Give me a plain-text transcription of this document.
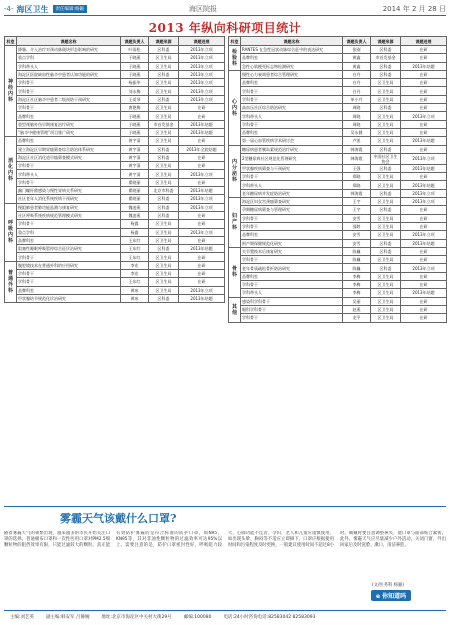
-4- 海区卫生	责任编辑:杨颖	海区院报	2014 年 2 月 28 日
2013 年纵向科研项目统计
科室	课题名称	课题负责人	课题来源	课题进展

神经内科	降脂、介入治疗对颈动脉斑块形态影响的研究	叶雨松	区科委	2013年立项
	重点学科	于晓燕	区卫生局	2013年立项
	学科带头人	于晓燕	区卫生局	2013年立项
	海淀区医院缺血性脑卒中患者认知功能的研究	于晓燕	区科委	2013年立项
	学科骨干	杨振华	区卫生局	2013年立项
	学科骨干	刘永梅	区卫生局	2013年立项
	海淀区社区脑卒中患者二级预防干预研究	王爱琴	区科委	2013年立项
	学科骨干	唐艳梅	区卫生局	在研
	品牌科室	于晓燕	区卫生局	在研
	重型颅脑外伤早期康复治疗研究	于晓燕	市首发基金	2013年结题
	“脑卒中健康管理”项目推广研究	于晓燕	区卫生局	2013年结题

消化内科	品牌科室	黄宇清	区卫生局	在研
	建立海淀区早期胃癌筛查综合防治体系研究	黄宇清	区科委	2013年全院结题
	海淀区社区消化道早癌筛查模式研究	黄宇清	区科委	在研
	学科骨干	黄宇清	区卫生局	在研
	学科带头人	黄宇清	区卫生局	2013年立项
	学科骨干	翟晓丽	区卫生局	在研
	幽门螺杆菌感染与慢性胃病关系研究	翟晓丽	北京市科委	2013年结题
	社区老年人消化系统疾病干预研究	翟晓丽	区科委	2013年立项

呼吸内科	慢阻肺患者肺功能监测与康复研究	魏凌燕	区科委	2013年立项
	社区呼吸系统疾病规范管理模式研究	魏凌燕	区科委	在研
	学科骨干	杨露	区卫生局	在研
	重点学科	杨露	区卫生局	2013年立项
	品牌科室	王东红	区卫生局	在研
	阻塞性睡眠呼吸暂停综合征诊治研究	王东红	区科委	2013年结题
	学科骨干	王东红	区卫生局	在研

普通外科	腹腔镜技术在普通外科的应用研究	李宏	区卫生局	在研
	学科骨干	李宏	区卫生局	在研
	学科骨干	王东红	区卫生局	在研
	品牌科室	黄冰	区卫生局	2013年立项
	甲状腺结节规范化诊治研究	黄冰	区科委	2013年结题
科室	课题名称	课题负责人	课题来源	课题进展

检验科	RANTES 在急性冠状动脉综合征中的表达研究	张刚	区科委	在研
	品牌科室	黄鑫	市首发基金	在研
	急性心肌梗死标志物检测研究	黄鑫	区科委	2013年结题

心内科	慢性心力衰竭患者综合管理研究	白丹	区科委	在研
	品牌科室	白丹	区卫生局	在研
	学科骨干	白丹	区卫生局	在研
	学科骨干	单小丹	区卫生局	在研
	高血压社区综合防治研究	周晓	区科委	在研
	学科带头人	周晓	区卫生局	2013年立项
	学科骨干	周晓	区卫生局	在研
	品牌科室	吴永健	区卫生局	在研
	第一届心血管疾病学术研讨会	卢凯	区卫生局	2013年结题

内分泌科	糖尿病患者胰岛素规范治疗研究	韩海霞	区科委	在研
	2型糖尿病社区规范化管理研究	韩海霞	中国社区卫生协会	2013年立项
	甲状腺疾病筛查与干预研究	王强	区科委	2013年结题
	学科骨干	郑晓	区卫生局	在研
	学科带头人	郑晓	区卫生局	2013年结题
	老年糖尿病并发症防治研究	韩海霞	区科委	2013年立项

妇产科	海淀区妇女宫颈癌筛查研究	王宇	区卫生局	2013年立项
	孕期糖尿病筛查与管理研究	王宇	区科委	在研
	学科骨干	安雪	区卫生局	在研
	学科骨干	邵婷	区卫生局	在研
	品牌科室	安雪	区卫生局	2013年立项
	围产期保健规范化研究	安雪	区科委	2013年结题

骨科	关节置换术后康复研究	陈巍	区科委	在研
	学科骨干	陈巍	区卫生局	在研
	老年骨质疏松骨折防治研究	陈巍	区科委	2013年立项
	品牌科室	李梅	区卫生局	在研
	学科骨干	李梅	区卫生局	在研
	学科带头人	李梅	区卫生局	2013年结题

其他	感染科学科骨干	吴丽	区卫生局	在研
	眼科学科骨干	赵燕	区卫生局	在研
	学科骨干	龙平	区卫生局	在研
雾霾天气该戴什么口罩?
随着雾霾天气的频繁出现，越来越多的市民开始关注口罩的选择。普通棉布口罩和一次性医用口罩对PM2.5细颗粒物的阻挡效果有限，只能过滤较大的颗粒。真正能有效防护雾霾的是符合标准的防护口罩，如N95、KN95等，其对非油性颗粒物的过滤效率可达95%以上。需要注意的是，防护口罩密封性好，呼吸阻力较大，心肺功能不佳者、孕妇、老人和儿童应谨慎使用，如出现头晕、胸闷等不适应立即摘下。口罩应根据使用时间和污染程度及时更换，一般建议使用时间不超过8小时。佩戴时要注意调整鼻夹，使口罩与面部贴合紧密。此外，雾霾天气应尽量减少户外活动，关闭门窗，外出回家后及时洗脸、漱口，清洁鼻腔。
(文/医务科 杨颖)
e 你知道吗
主编:刘艺英	副主编:韩安军 吕静婉	地址:北京市海淀区中关村大街29号	邮编:100080	电话:24小时咨询电话:82583042 82583093
